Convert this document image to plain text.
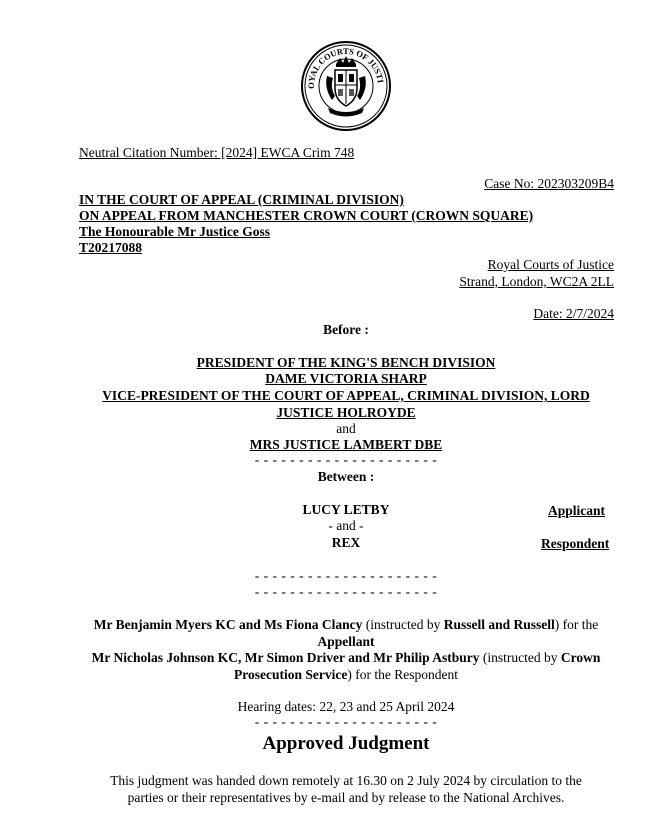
OYAL COURTS OF JUSTI
Neutral Citation Number: [2024] EWCA Crim 748
Case No: 202303209B4
IN THE COURT OF APPEAL (CRIMINAL DIVISION)
ON APPEAL FROM MANCHESTER CROWN COURT (CROWN SQUARE)
The Honourable Mr Justice Goss
T20217088
Royal Courts of Justice
Strand, London, WC2A 2LL
Date: 2/7/2024
Before :
PRESIDENT OF THE KING'S BENCH DIVISION
DAME VICTORIA SHARP
VICE-PRESIDENT OF THE COURT OF APPEAL, CRIMINAL DIVISION, LORD
JUSTICE HOLROYDE
and
MRS JUSTICE LAMBERT DBE
- - - - - - - - - - - - - - - - - - - - -
Between :
LUCY LETBY
- and -
REX
Applicant
Respondent
- - - - - - - - - - - - - - - - - - - - -
- - - - - - - - - - - - - - - - - - - - -
Mr Benjamin Myers KC and Ms Fiona Clancy (instructed by Russell and Russell) for the
Appellant
Mr Nicholas Johnson KC, Mr Simon Driver and Mr Philip Astbury (instructed by Crown
Prosecution Service) for the Respondent
Hearing dates: 22, 23 and 25 April 2024
- - - - - - - - - - - - - - - - - - - - -
Approved Judgment
This judgment was handed down remotely at 16.30 on 2 July 2024 by circulation to the
parties or their representatives by e-mail and by release to the National Archives.
